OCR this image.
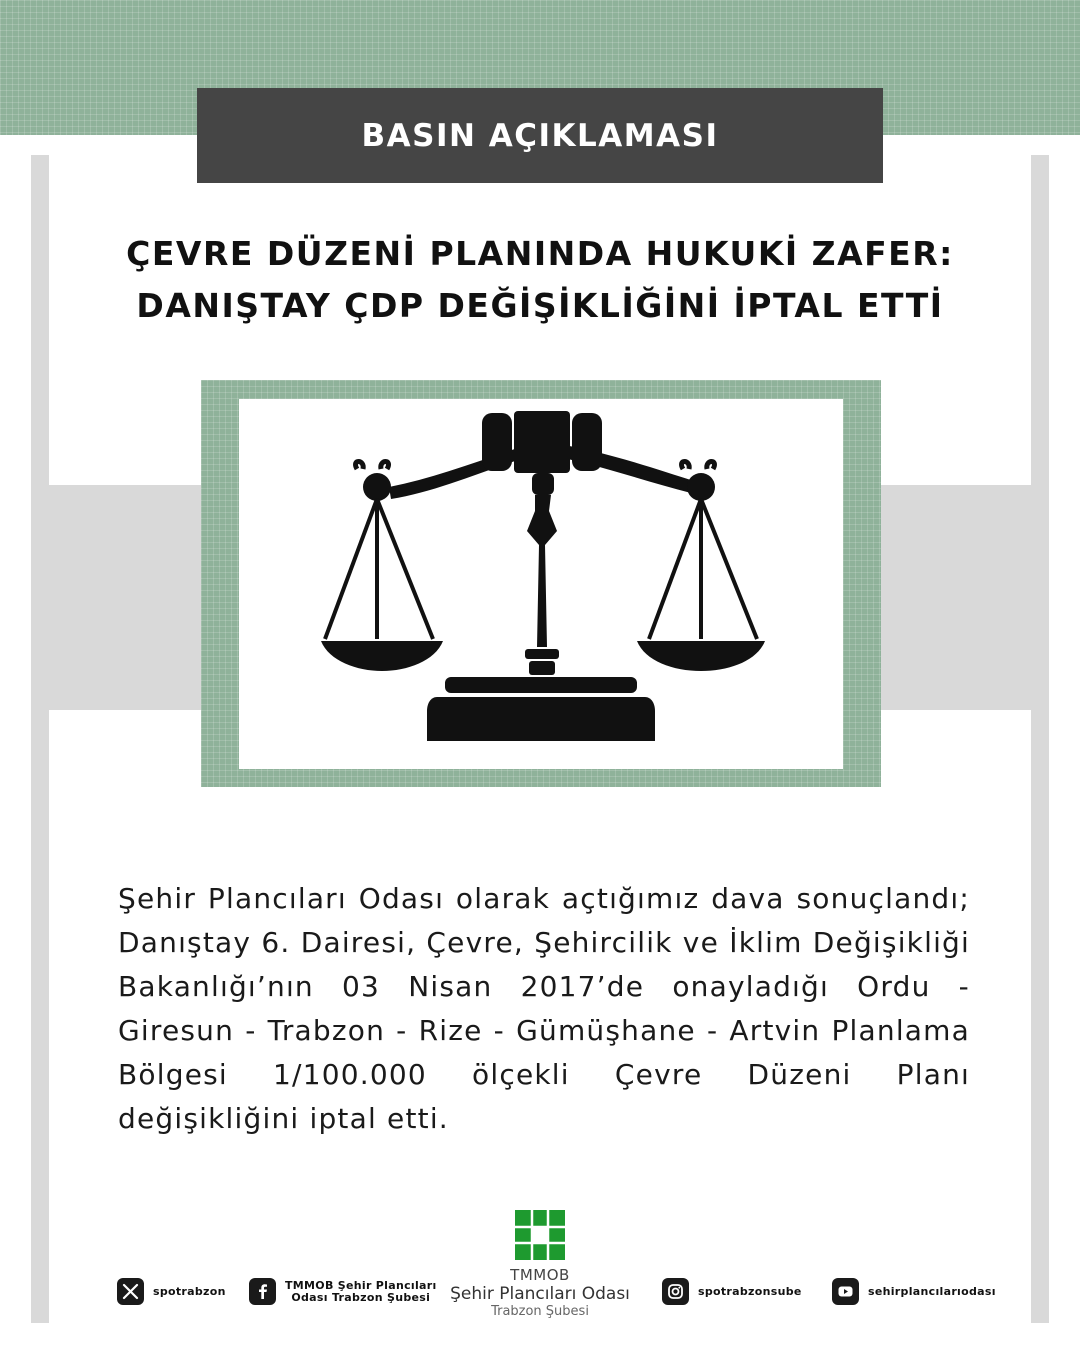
BASIN AÇIKLAMASI
ÇEVRE DÜZENİ PLANINDA HUKUKİ ZAFER:
DANIŞTAY ÇDP DEĞİŞİKLİĞİNİ İPTAL ETTİ
Şehir Plancıları Odası olarak açtığımız dava sonuçlandı; Danıştay 6. Dairesi, Çevre, Şehircilik ve İklim Değişikliği Bakanlığı’nın 03 Nisan 2017’de onayladığı Ordu - Giresun - Trabzon - Rize - Gümüşhane - Artvin Planlama Bölgesi 1/100.000 ölçekli Çevre Düzeni Planı değişikliğini iptal etti.
spotrabzon	TMMOB Şehir Plancıları
Odası Trabzon Şubesi
TMMOB
Şehir Plancıları Odası
Trabzon Şubesi
spotrabzonsube	sehirplancılarıodası
